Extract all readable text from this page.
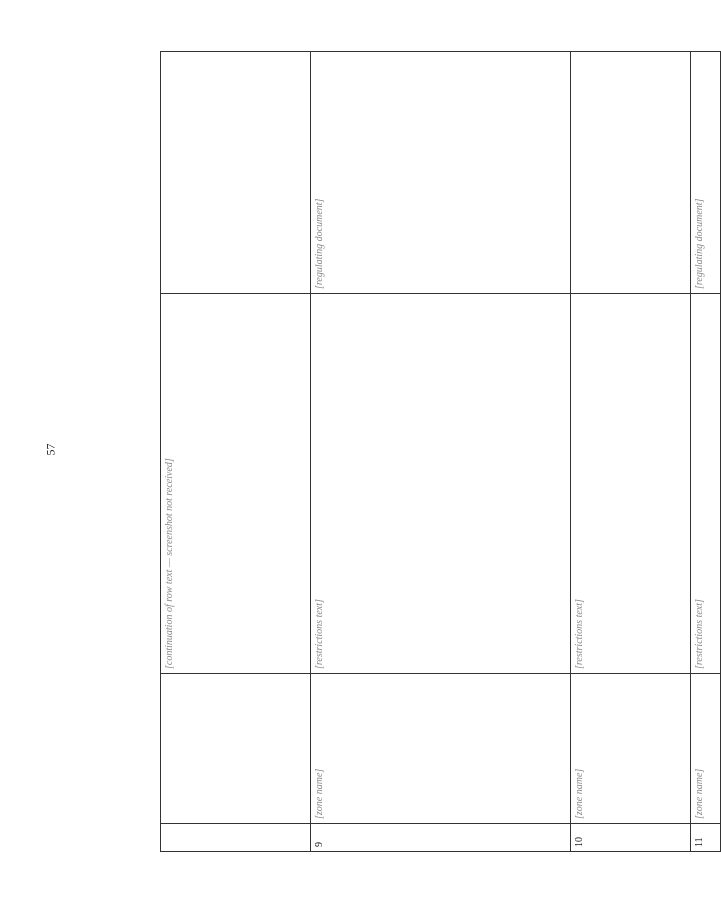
57
		[continuation of row text — screenshot not received]	
9	[zone name]	[restrictions text]	[regulating document]
10	[zone name]	[restrictions text]	
11	[zone name]	[restrictions text]	[regulating document]
